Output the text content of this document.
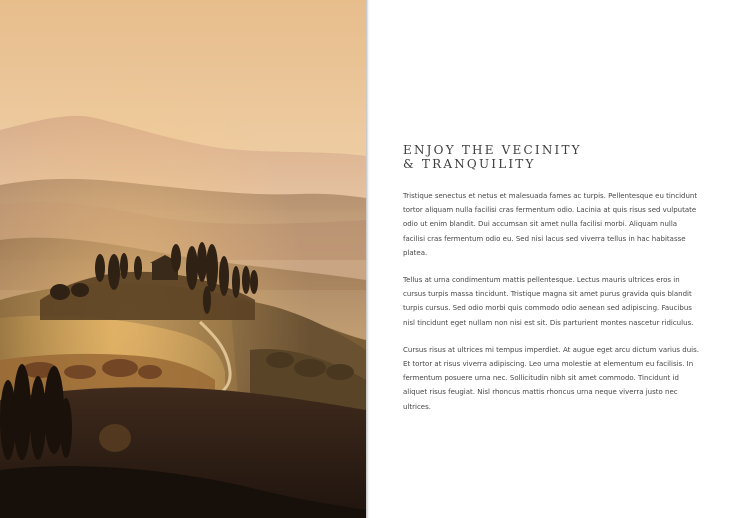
ENJOY THE VECINITY
& TRANQUILITY

Tristique senectus et netus et malesuada fames ac turpis. Pellentesque eu tincidunt tortor aliquam nulla facilisi cras fermentum odio. Lacinia at quis risus sed vulputate odio ut enim blandit. Dui accumsan sit amet nulla facilisi morbi. Aliquam nulla facilisi cras fermentum odio eu. Sed nisi lacus sed viverra tellus in hac habitasse platea.

Tellus at urna condimentum mattis pellentesque. Lectus mauris ultrices eros in cursus turpis massa tincidunt. Tristique magna sit amet purus gravida quis blandit turpis cursus. Sed odio morbi quis commodo odio aenean sed adipiscing. Faucibus nisl tincidunt eget nullam non nisi est sit. Dis parturient montes nascetur ridiculus.

Cursus risus at ultrices mi tempus imperdiet. At augue eget arcu dictum varius duis. Et tortor at risus viverra adipiscing. Leo urna molestie at elementum eu facilisis. In fermentum posuere urna nec. Sollicitudin nibh sit amet commodo. Tincidunt id aliquet risus feugiat. Nisl rhoncus mattis rhoncus urna neque viverra justo nec ultrices.
